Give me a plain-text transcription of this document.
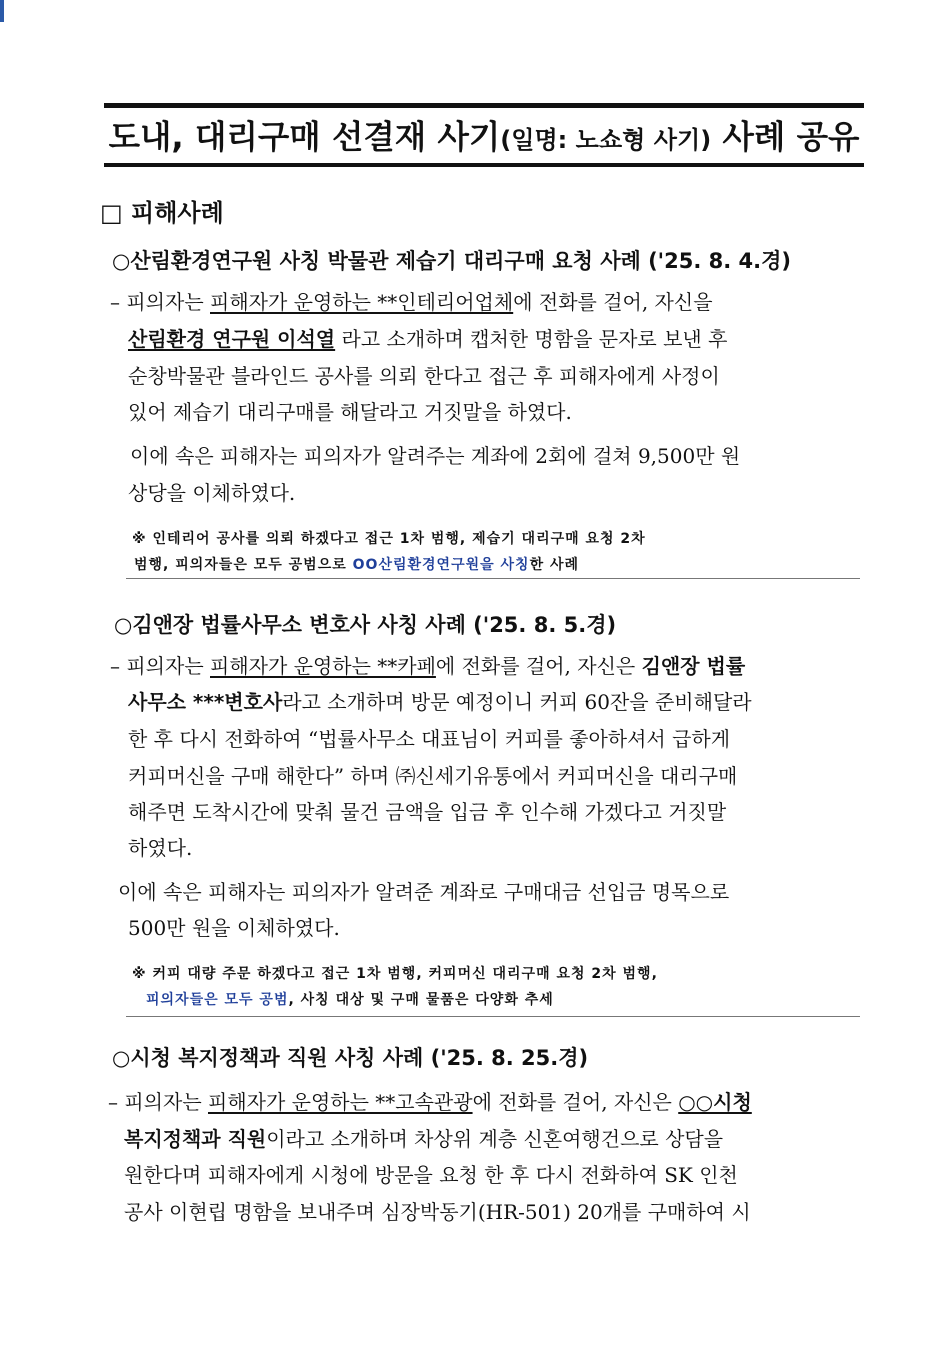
도내, 대리구매 선결재 사기(일명: 노쇼형 사기) 사례 공유
□ 피해사례
○산림환경연구원 사칭 박물관 제습기 대리구매 요청 사례 ('25. 8. 4.경)
– 피의자는 피해자가 운영하는 **인테리어업체에 전화를 걸어, 자신을
산림환경 연구원 이석열 라고 소개하며 캡처한 명함을 문자로 보낸 후
순창박물관 블라인드 공사를 의뢰 한다고 접근 후 피해자에게 사정이
있어 제습기 대리구매를 해달라고 거짓말을 하였다.
이에 속은 피해자는 피의자가 알려주는 계좌에 2회에 걸쳐 9,500만 원
상당을 이체하였다.
※ 인테리어 공사를 의뢰 하겠다고 접근 1차 범행, 제습기 대리구매 요청 2차
범행, 피의자들은 모두 공범으로 OO산림환경연구원을 사칭한 사례
○김앤장 법률사무소 변호사 사칭 사례 ('25. 8. 5.경)
– 피의자는 피해자가 운영하는 **카페에 전화를 걸어, 자신은 김앤장 법률
사무소 ***변호사라고 소개하며 방문 예정이니 커피 60잔을 준비해달라
한 후 다시 전화하여 “법률사무소 대표님이 커피를 좋아하셔서 급하게
커피머신을 구매 해한다” 하며 ㈜신세기유통에서 커피머신을 대리구매
해주면 도착시간에 맞춰 물건 금액을 입금 후 인수해 가겠다고 거짓말
하였다.
이에 속은 피해자는 피의자가 알려준 계좌로 구매대금 선입금 명목으로
500만 원을 이체하였다.
※ 커피 대량 주문 하겠다고 접근 1차 범행, 커피머신 대리구매 요청 2차 범행,
피의자들은 모두 공범, 사칭 대상 및 구매 물품은 다양화 추세
○시청 복지정책과 직원 사칭 사례 ('25. 8. 25.경)
– 피의자는 피해자가 운영하는 **고속관광에 전화를 걸어, 자신은 ○○시청
복지정책과 직원이라고 소개하며 차상위 계층 신혼여행건으로 상담을
원한다며 피해자에게 시청에 방문을 요청 한 후 다시 전화하여 SK 인천
공사 이현립 명함을 보내주며 심장박동기(HR-501) 20개를 구매하여 시
